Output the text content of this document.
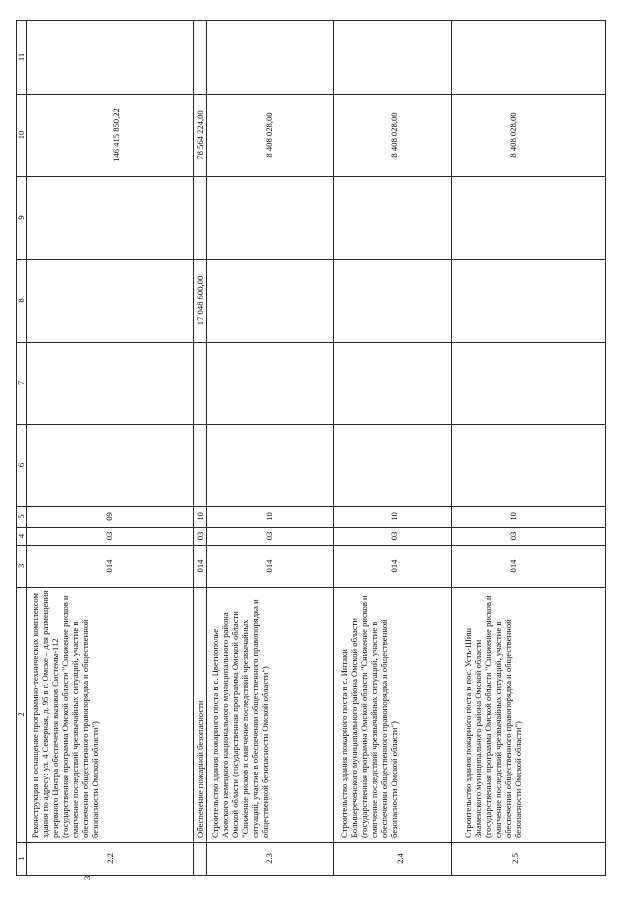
3
1
2
3
4
5
6
7
8
9
10
11
2.2
Реконструкция и оснащение программно-технических комплексом здания по адресу: ул. 4 Северная, д. 95 в г. Омске – для размещения резервного Центра обеспечения вызовов Системы-112 (государственная программа Омской области "Снижение рисков и смягчение последствий чрезвычайных ситуаций, участие в обеспечении общественного правопорядка и общественной безопасности Омской области")
014
03
09
146 415 850,22
Обеспечение пожарной безопасности
014
03
10
17 048 600,00
78 564 224,00
2.3
Строительство здания пожарного поста в с. Цветнополье Азовского немецкого национального муниципального района Омской области (государственная программа Омской области "Снижение рисков и смягчение последствий чрезвычайных ситуаций, участие в обеспечении общественного правопорядка и общественной безопасности Омской области")
014
03
10
8 408 028,00
2.4
Строительство здания пожарного поста в с. Интаки Большереченского муниципального района Омской области (государственная программа Омской области "Снижение рисков и смягчение последствий чрезвычайных ситуаций, участие в обеспечении общественного правопорядка и общественной безопасности Омской области")
014
03
10
8 408 028,00
2.5
Строительство здания пожарного поста в пос. Усть-Шиш Знаменского муниципального района Омской области (государственная программа Омской области "Снижение рисков и смягчение последствий чрезвычайных ситуаций, участие в обеспечении общественного правопорядка и общественной безопасности Омской области")
014
03
10
8 408 028,00
